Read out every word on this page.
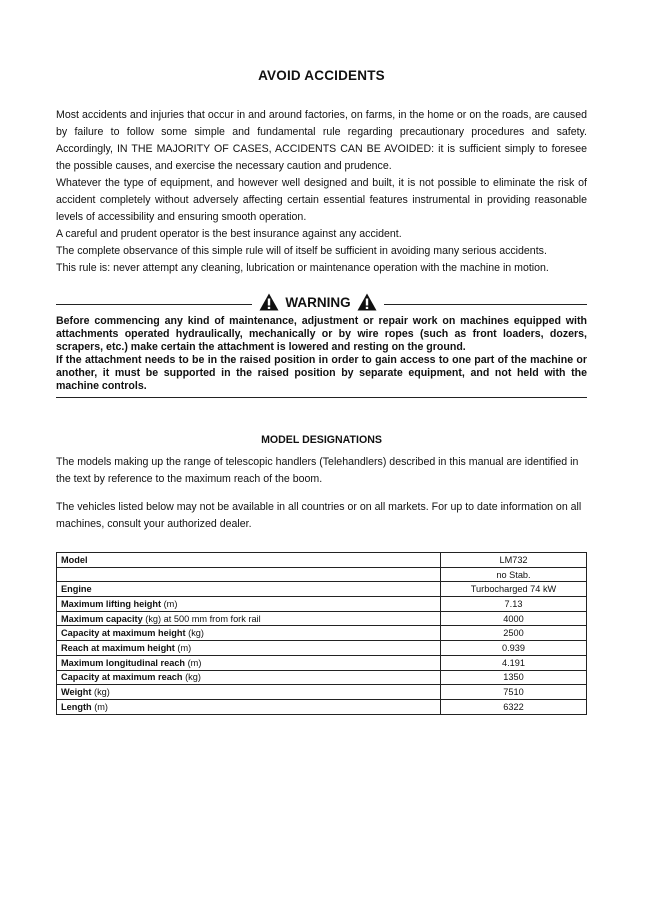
AVOID ACCIDENTS

Most accidents and injuries that occur in and around factories, on farms, in the home or on the roads, are caused by failure to follow some simple and fundamental rule regarding precautionary procedures and safety. Accordingly, IN THE MAJORITY OF CASES, ACCIDENTS CAN BE AVOIDED: it is sufficient simply to foresee the possible causes, and exercise the necessary caution and prudence.

Whatever the type of equipment, and however well designed and built, it is not possible to eliminate the risk of accident completely without adversely affecting certain essential features instrumental in providing reasonable levels of accessibility and ensuring smooth operation.

A careful and prudent operator is the best insurance against any accident.

The complete observance of this simple rule will of itself be sufficient in avoiding many serious accidents.

This rule is: never attempt any cleaning, lubrication or maintenance operation with the machine in motion.

WARNING

Before commencing any kind of maintenance, adjustment or repair work on machines equipped with attachments operated hydraulically, mechanically or by wire ropes (such as front loaders, dozers, scrapers, etc.) make certain the attachment is lowered and resting on the ground.

If the attachment needs to be in the raised position in order to gain access to one part of the machine or another, it must be supported in the raised position by separate equipment, and not held with the machine controls.

MODEL DESIGNATIONS

The models making up the range of telescopic handlers (Telehandlers) described in this manual are identified in the text by reference to the maximum reach of the boom.

The vehicles listed below may not be available in all countries or on all markets. For up to date information on all machines, consult your authorized dealer.

Model	LM732
	no Stab.
Engine	Turbocharged 74 kW
Maximum lifting height (m)	7.13
Maximum capacity (kg) at 500 mm from fork rail	4000
Capacity at maximum height (kg)	2500
Reach at maximum height (m)	0.939
Maximum longitudinal reach (m)	4.191
Capacity at maximum reach (kg)	1350
Weight (kg)	7510
Length (m)	6322
